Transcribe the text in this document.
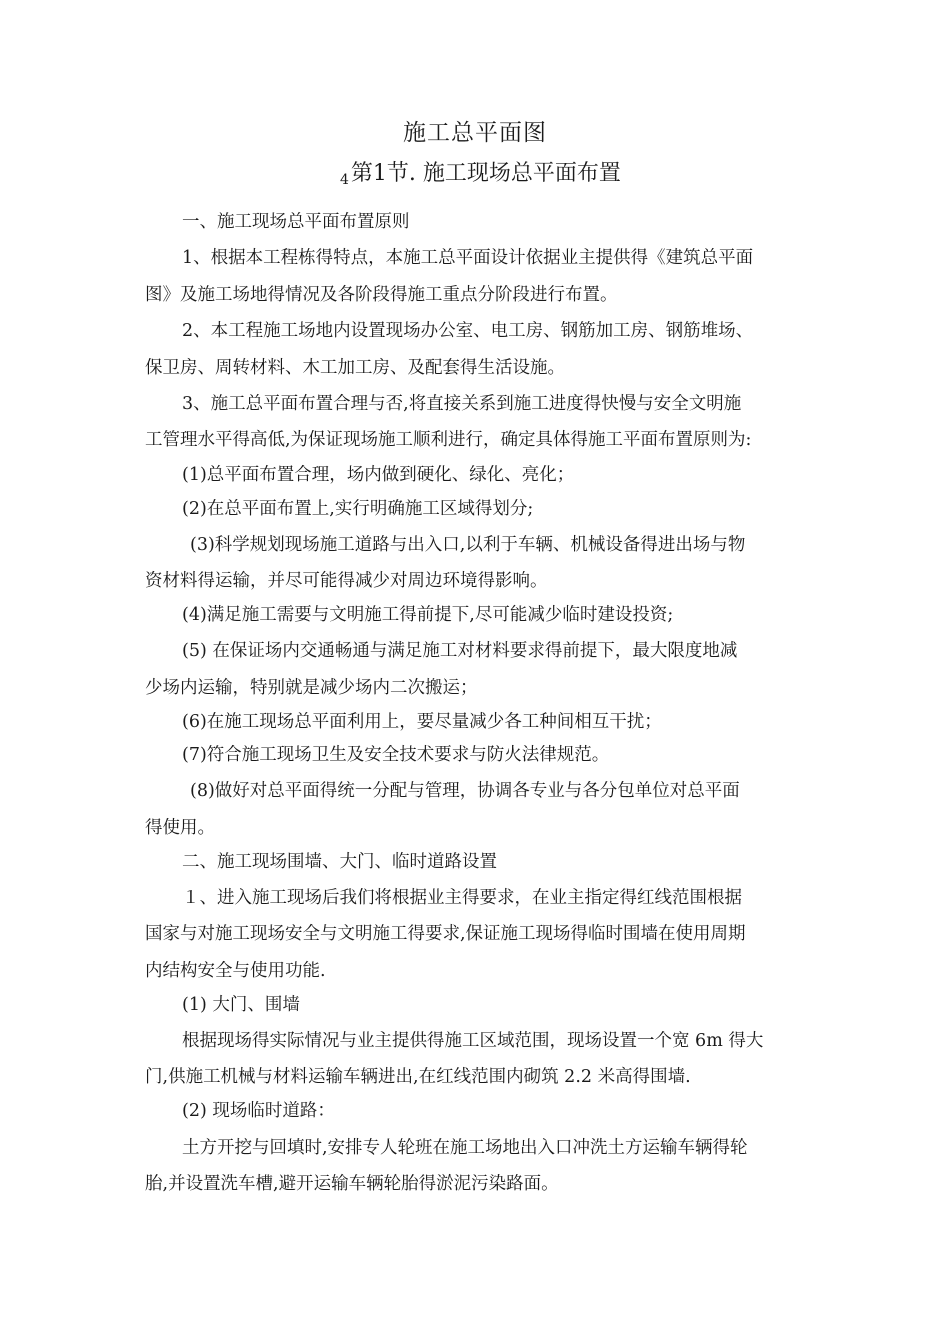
施工总平面图
4第1节. 施工现场总平面布置
一、施工现场总平面布置原则
1、根据本工程栋得特点，本施工总平面设计依据业主提供得《建筑总平面
图》及施工场地得情况及各阶段得施工重点分阶段进行布置。
2、本工程施工场地内设置现场办公室、电工房、钢筋加工房、钢筋堆场、
保卫房、周转材料、木工加工房、及配套得生活设施。
3、施工总平面布置合理与否,将直接关系到施工进度得快慢与安全文明施
工管理水平得高低,为保证现场施工顺利进行，确定具体得施工平面布置原则为:
(1)总平面布置合理，场内做到硬化、绿化、亮化；
(2)在总平面布置上,实行明确施工区域得划分;
(3)科学规划现场施工道路与出入口,以利于车辆、机械设备得进出场与物
资材料得运输，并尽可能得减少对周边环境得影响。
(4)满足施工需要与文明施工得前提下,尽可能减少临时建设投资;
(5) 在保证场内交通畅通与满足施工对材料要求得前提下，最大限度地减
少场内运输，特别就是减少场内二次搬运；
(6)在施工现场总平面利用上，要尽量减少各工种间相互干扰；
(7)符合施工现场卫生及安全技术要求与防火法律规范。
(8)做好对总平面得统一分配与管理，协调各专业与各分包单位对总平面
得使用。
二、施工现场围墙、大门、临时道路设置
１、进入施工现场后我们将根据业主得要求，在业主指定得红线范围根据
国家与对施工现场安全与文明施工得要求,保证施工现场得临时围墙在使用周期
内结构安全与使用功能.
(1) 大门、围墙
根据现场得实际情况与业主提供得施工区域范围，现场设置一个宽 6m 得大
门,供施工机械与材料运输车辆进出,在红线范围内砌筑 2.2 米高得围墙.
(2) 现场临时道路：
土方开挖与回填时,安排专人轮班在施工场地出入口冲洗土方运输车辆得轮
胎,并设置洗车槽,避开运输车辆轮胎得淤泥污染路面。
